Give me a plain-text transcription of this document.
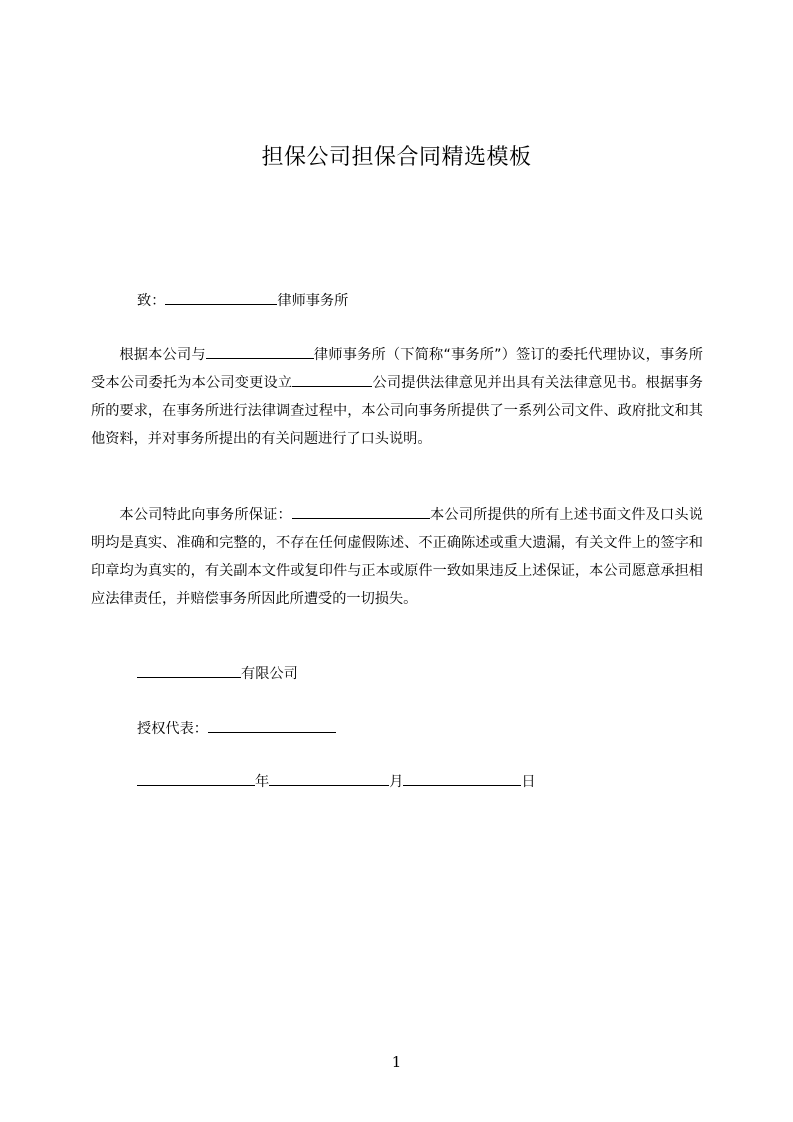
担保公司担保合同精选模板
致：	律师事务所
根据本公司与	律师事务所（下简称“事务所”）签订的委托代理协议，事务所受本公司委托为本公司变更设立	公司提供法律意见并出具有关法律意见书。根据事务所的要求，在事务所进行法律调查过程中，本公司向事务所提供了一系列公司文件、政府批文和其他资料，并对事务所提出的有关问题进行了口头说明。
本公司特此向事务所保证：	本公司所提供的所有上述书面文件及口头说明均是真实、准确和完整的，不存在任何虚假陈述、不正确陈述或重大遗漏，有关文件上的签字和印章均为真实的，有关副本文件或复印件与正本或原件一致如果违反上述保证，本公司愿意承担相应法律责任，并赔偿事务所因此所遭受的一切损失。
有限公司
授权代表：
年	月	日
1
